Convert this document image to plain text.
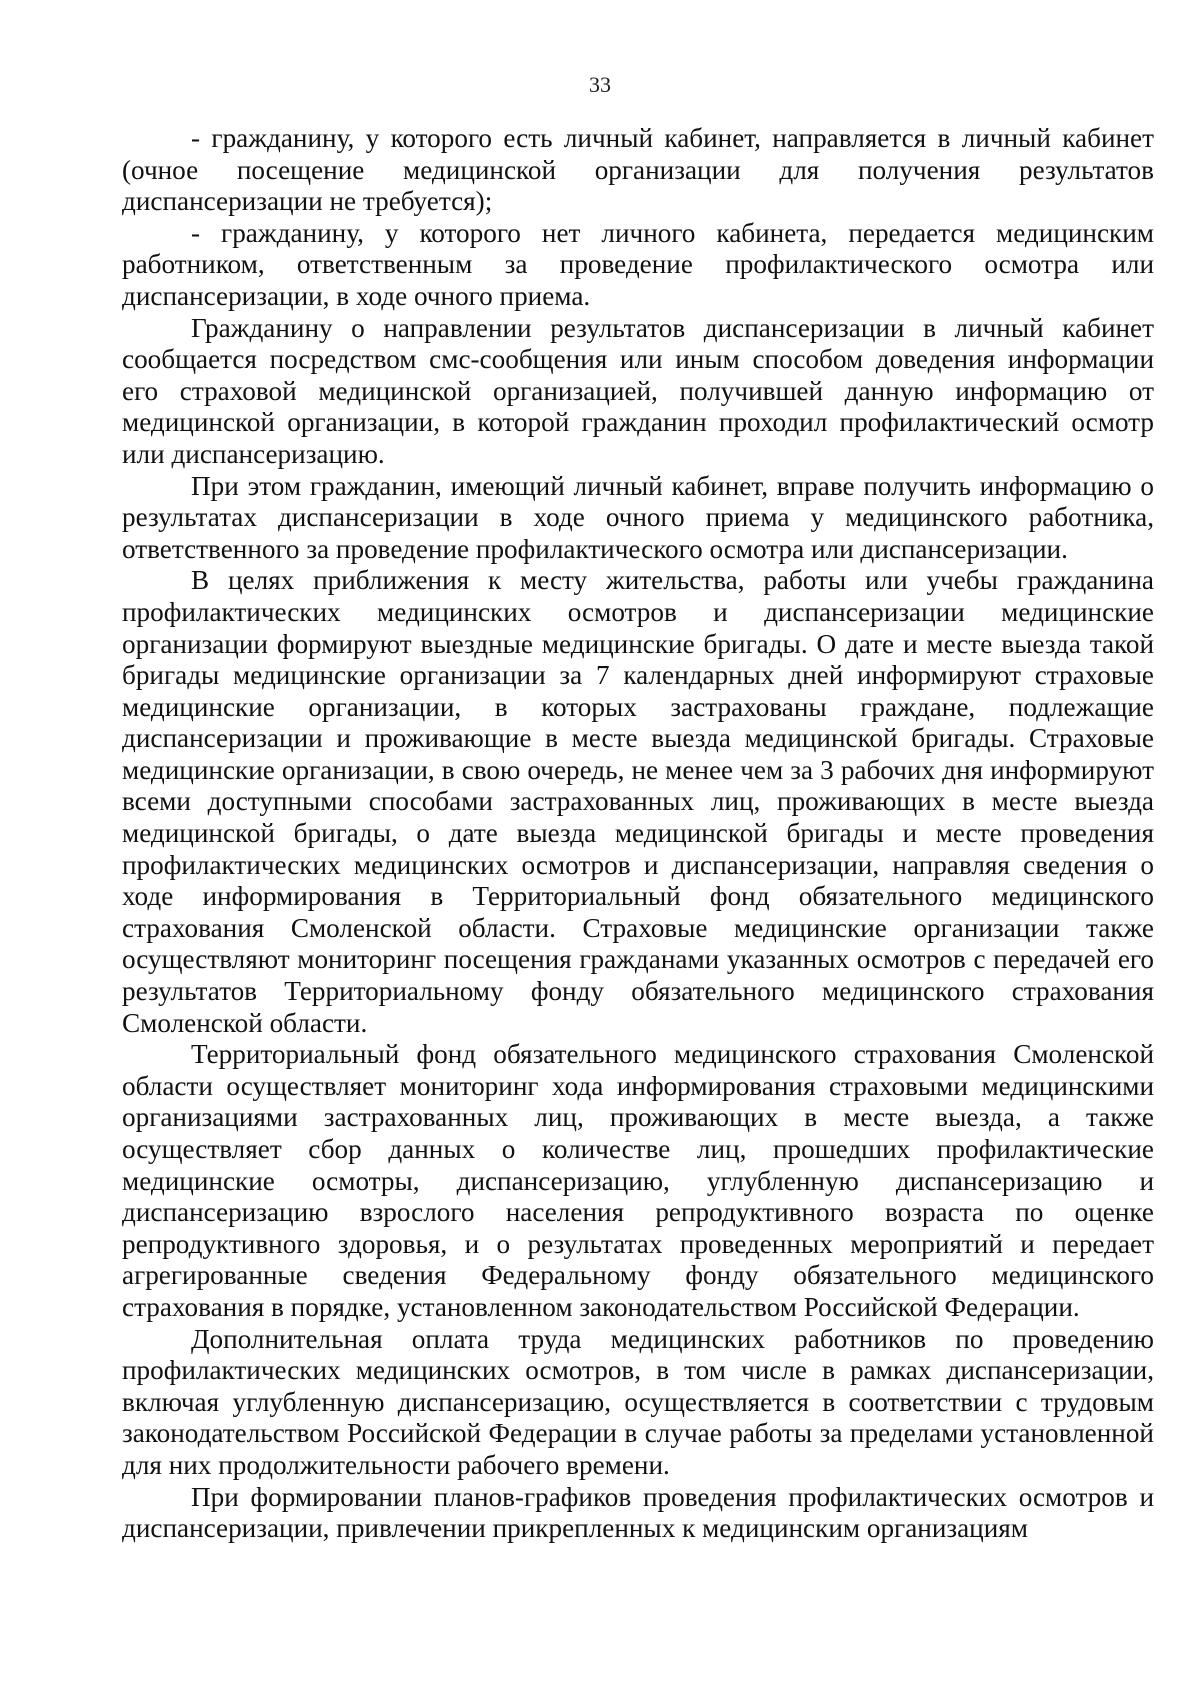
33

- гражданину, у которого есть личный кабинет, направляется в личный кабинет (очное посещение медицинской организации для получения результатов диспансеризации не требуется);

- гражданину, у которого нет личного кабинета, передается медицинским работником, ответственным за проведение профилактического осмотра или диспансеризации, в ходе очного приема.

Гражданину о направлении результатов диспансеризации в личный кабинет сообщается посредством смс-сообщения или иным способом доведения информации его страховой медицинской организацией, получившей данную информацию от медицинской организации, в которой гражданин проходил профилактический осмотр или диспансеризацию.

При этом гражданин, имеющий личный кабинет, вправе получить информацию о результатах диспансеризации в ходе очного приема у медицинского работника, ответственного за проведение профилактического осмотра или диспансеризации.

В целях приближения к месту жительства, работы или учебы гражданина профилактических медицинских осмотров и диспансеризации медицинские организации формируют выездные медицинские бригады. О дате и месте выезда такой бригады медицинские организации за 7 календарных дней информируют страховые медицинские организации, в которых застрахованы граждане, подлежащие диспансеризации и проживающие в месте выезда медицинской бригады. Страховые медицинские организации, в свою очередь, не менее чем за 3 рабочих дня информируют всеми доступными способами застрахованных лиц, проживающих в месте выезда медицинской бригады, о дате выезда медицинской бригады и месте проведения профилактических медицинских осмотров и диспансеризации, направляя сведения о ходе информирования в Территориальный фонд обязательного медицинского страхования Смоленской области. Страховые медицинские организации также осуществляют мониторинг посещения гражданами указанных осмотров с передачей его результатов Территориальному фонду обязательного медицинского страхования Смоленской области.

Территориальный фонд обязательного медицинского страхования Смоленской области осуществляет мониторинг хода информирования страховыми медицинскими организациями застрахованных лиц, проживающих в месте выезда, а также осуществляет сбор данных о количестве лиц, прошедших профилактические медицинские осмотры, диспансеризацию, углубленную диспансеризацию и диспансеризацию взрослого населения репродуктивного возраста по оценке репродуктивного здоровья, и о результатах проведенных мероприятий и передает агрегированные сведения Федеральному фонду обязательного медицинского страхования в порядке, установленном законодательством Российской Федерации.

Дополнительная оплата труда медицинских работников по проведению профилактических медицинских осмотров, в том числе в рамках диспансеризации, включая углубленную диспансеризацию, осуществляется в соответствии с трудовым законодательством Российской Федерации в случае работы за пределами установленной для них продолжительности рабочего времени.

При формировании планов-графиков проведения профилактических осмотров и диспансеризации, привлечении прикрепленных к медицинским организациям
